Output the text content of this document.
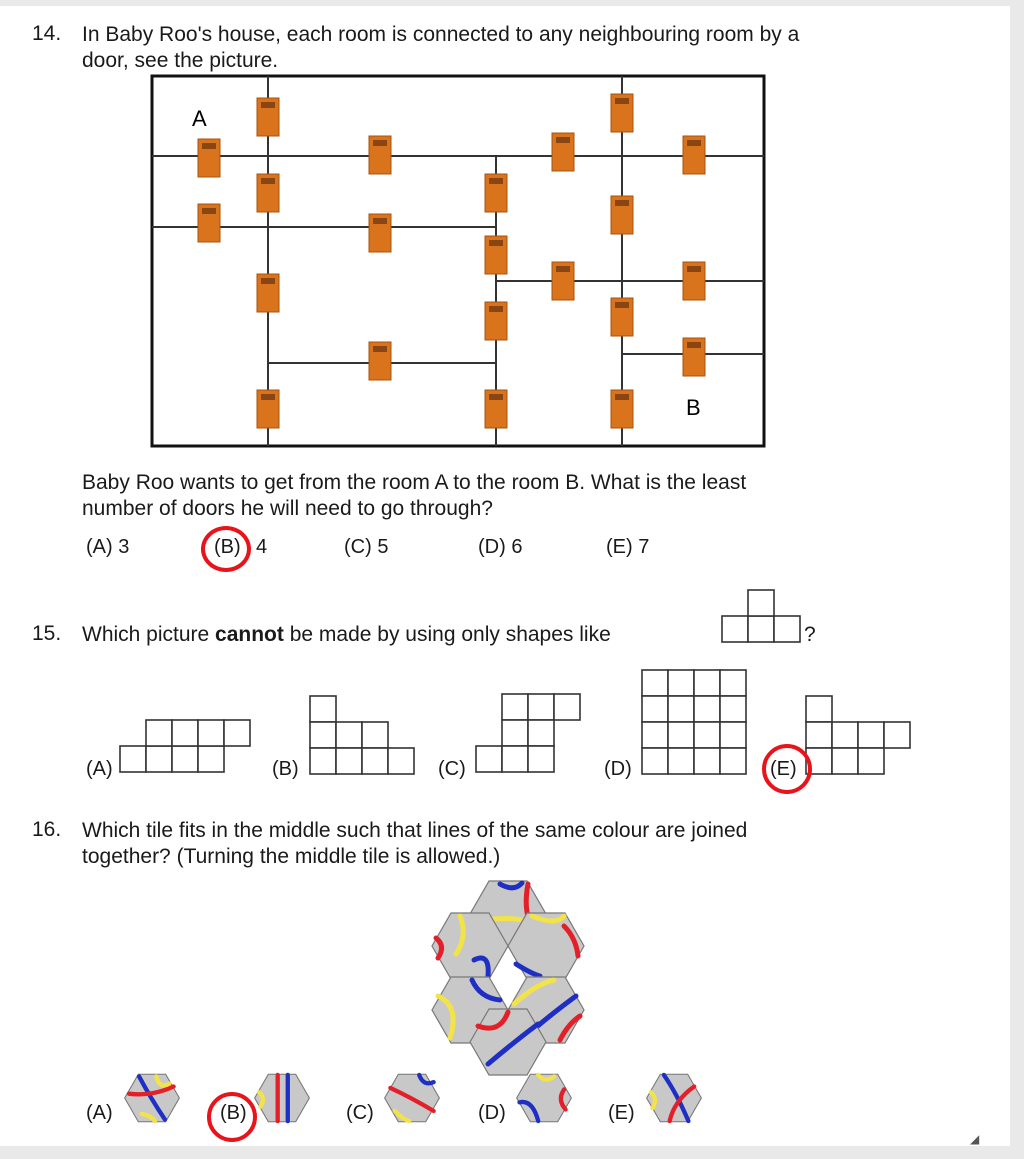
14. In Baby Roo's house, each room is connected to any neighbouring room by a
door, see the picture.
A
B
Baby Roo wants to get from the room A to the room B. What is the least
number of doors he will need to go through?
(A) 3	(B) 4	(C) 5	(D) 6	(E) 7
15. Which picture cannot be made by using only shapes like	?
(A)	(B)	(C)	(D)	(E)
16. Which tile fits in the middle such that lines of the same colour are joined
together? (Turning the middle tile is allowed.)
(A)	(B)	(C)	(D)	(E)
◢
